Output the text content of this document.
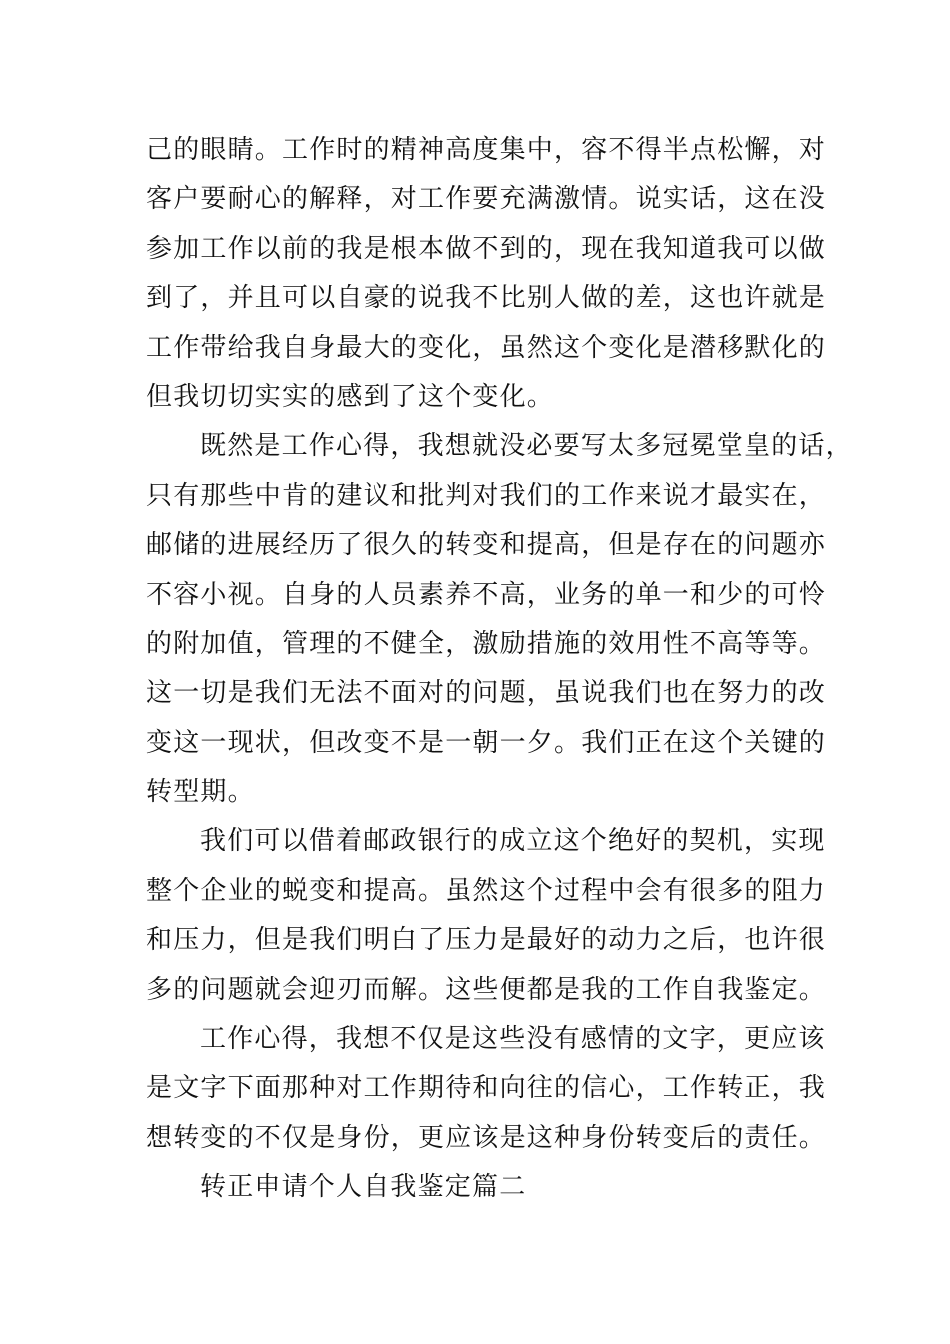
己的眼睛。工作时的精神高度集中，容不得半点松懈，对
客户要耐心的解释，对工作要充满激情。说实话，这在没
参加工作以前的我是根本做不到的，现在我知道我可以做
到了，并且可以自豪的说我不比别人做的差，这也许就是
工作带给我自身最大的变化，虽然这个变化是潜移默化的
但我切切实实的感到了这个变化。
既然是工作心得，我想就没必要写太多冠冕堂皇的话，
只有那些中肯的建议和批判对我们的工作来说才最实在，
邮储的进展经历了很久的转变和提高，但是存在的问题亦
不容小视。自身的人员素养不高，业务的单一和少的可怜
的附加值，管理的不健全，激励措施的效用性不高等等。
这一切是我们无法不面对的问题，虽说我们也在努力的改
变这一现状，但改变不是一朝一夕。我们正在这个关键的
转型期。
我们可以借着邮政银行的成立这个绝好的契机，实现
整个企业的蜕变和提高。虽然这个过程中会有很多的阻力
和压力，但是我们明白了压力是最好的动力之后，也许很
多的问题就会迎刃而解。这些便都是我的工作自我鉴定。
工作心得，我想不仅是这些没有感情的文字，更应该
是文字下面那种对工作期待和向往的信心，工作转正，我
想转变的不仅是身份，更应该是这种身份转变后的责任。
转正申请个人自我鉴定篇二
